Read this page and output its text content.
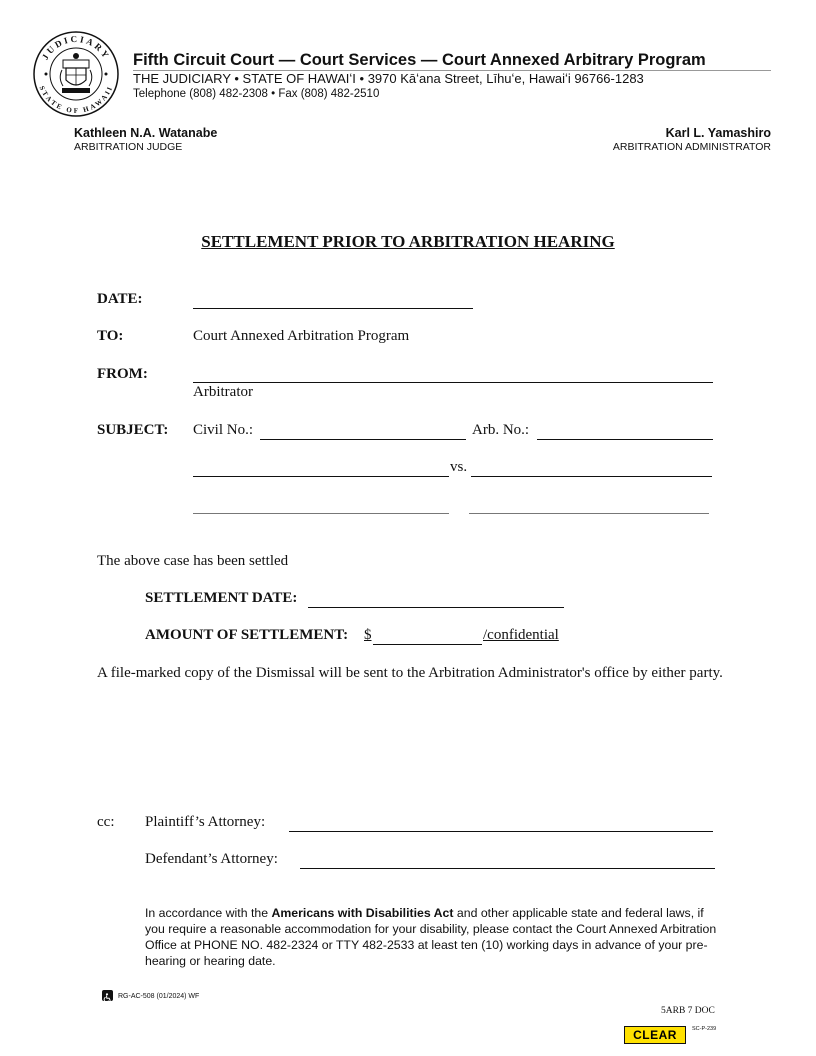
JUDICIARY
STATE OF HAWAII
Fifth Circuit Court — Court Services — Court Annexed Arbitrary Program
THE JUDICIARY • STATE OF HAWAIʻI • 3970 Kāʻana Street, Līhuʻe, Hawaiʻi 96766-1283
Telephone (808) 482-2308 • Fax (808) 482-2510
Kathleen N.A. Watanabe
ARBITRATION JUDGE
Karl L. Yamashiro
ARBITRATION ADMINISTRATOR
SETTLEMENT PRIOR TO ARBITRATION HEARING
DATE:
TO:	Court Annexed Arbitration Program
FROM:
Arbitrator
SUBJECT: Civil No.:	Arb. No.:
vs.
The above case has been settled
SETTLEMENT DATE:
AMOUNT OF SETTLEMENT: $	/confidential
A file-marked copy of the Dismissal will be sent to the Arbitration Administrator's office by either party.
cc: Plaintiff’s Attorney:
Defendant’s Attorney:
In accordance with the Americans with Disabilities Act and other applicable state and federal laws, if you require a reasonable accommodation for your disability, please contact the Court Annexed Arbitration Office at PHONE NO. 482-2324 or TTY 482-2533 at least ten (10) working days in advance of your pre-hearing or hearing date.
RG-AC-508 (01/2024) WF
5ARB 7 DOC
CLEAR	SC-P-239
